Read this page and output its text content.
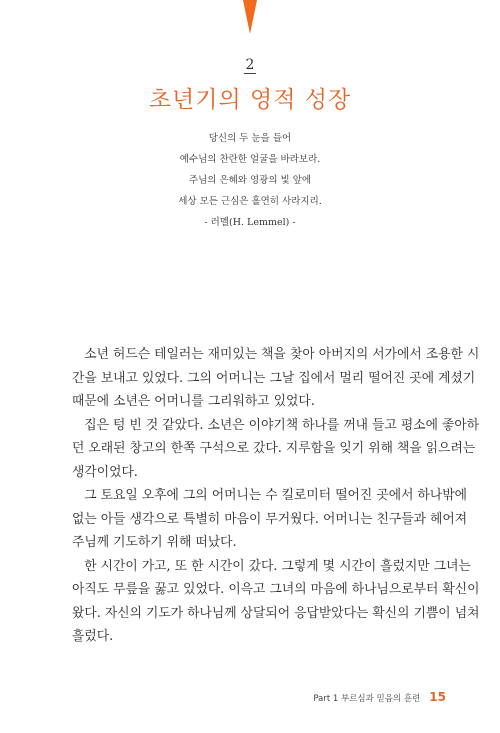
2
초년기의 영적 성장
당신의 두 눈을 들어
예수님의 찬란한 얼굴을 바라보라.
주님의 은혜와 영광의 빛 앞에
세상 모든 근심은 홀연히 사라지리.
- 러멜(H. Lemmel) -
소년 허드슨 테일러는 재미있는 책을 찾아 아버지의 서가에서 조용한 시
간을 보내고 있었다. 그의 어머니는 그날 집에서 멀리 떨어진 곳에 계셨기
때문에 소년은 어머니를 그리워하고 있었다.
집은 텅 빈 것 같았다. 소년은 이야기책 하나를 꺼내 들고 평소에 좋아하
던 오래된 창고의 한쪽 구석으로 갔다. 지루함을 잊기 위해 책을 읽으려는
생각이었다.
그 토요일 오후에 그의 어머니는 수 킬로미터 떨어진 곳에서 하나밖에
없는 아들 생각으로 특별히 마음이 무거웠다. 어머니는 친구들과 헤어져
주님께 기도하기 위해 떠났다.
한 시간이 가고, 또 한 시간이 갔다. 그렇게 몇 시간이 흘렀지만 그녀는
아직도 무릎을 꿇고 있었다. 이윽고 그녀의 마음에 하나님으로부터 확신이
왔다. 자신의 기도가 하나님께 상달되어 응답받았다는 확신의 기쁨이 넘쳐
흘렀다.
Part 1 부르심과 믿음의 훈련 15
